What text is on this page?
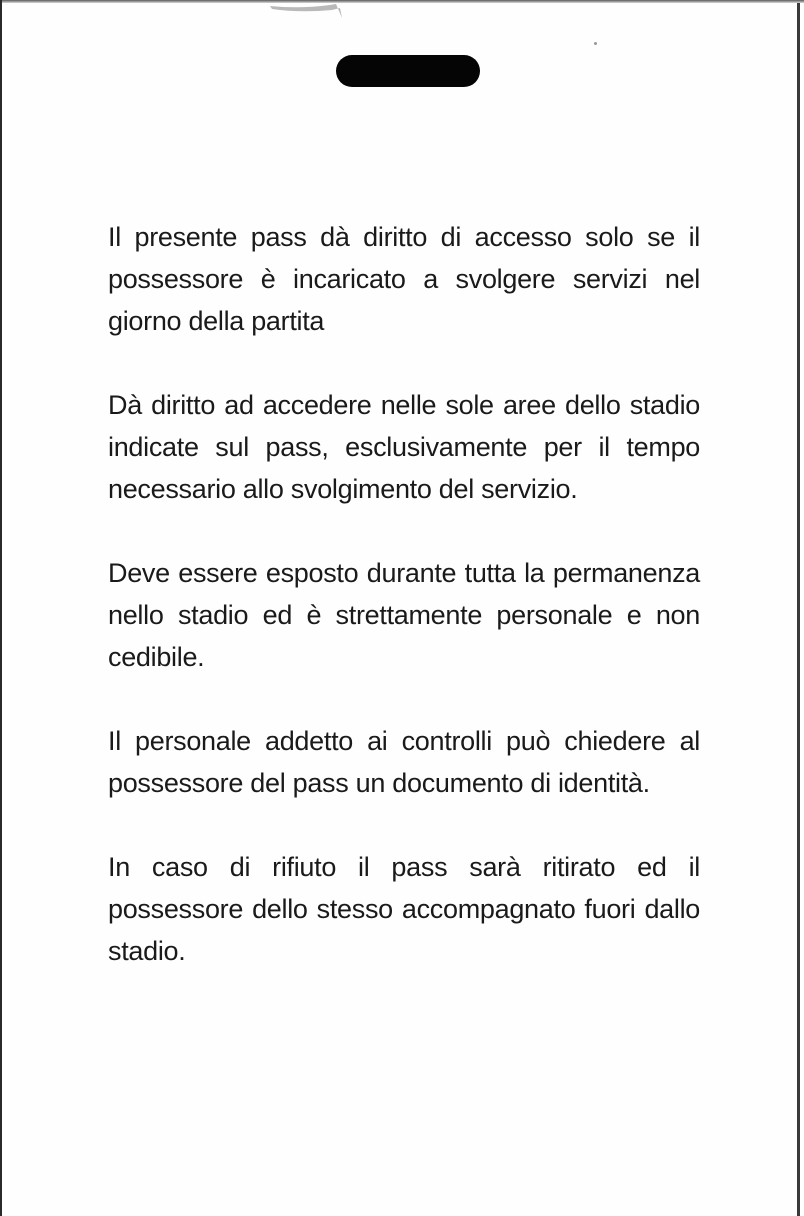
Il presente pass dà diritto di accesso solo se il possessore è incaricato a svolgere servizi nel giorno della partita

Dà diritto ad accedere nelle sole aree dello stadio indicate sul pass, esclusivamente per il tempo necessario allo svolgimento del servizio.

Deve essere esposto durante tutta la permanenza nello stadio ed è strettamente personale e non cedibile.

Il personale addetto ai controlli può chiedere al possessore del pass un documento di identità.

In caso di rifiuto il pass sarà ritirato ed il possessore dello stesso accompagnato fuori dallo stadio.
